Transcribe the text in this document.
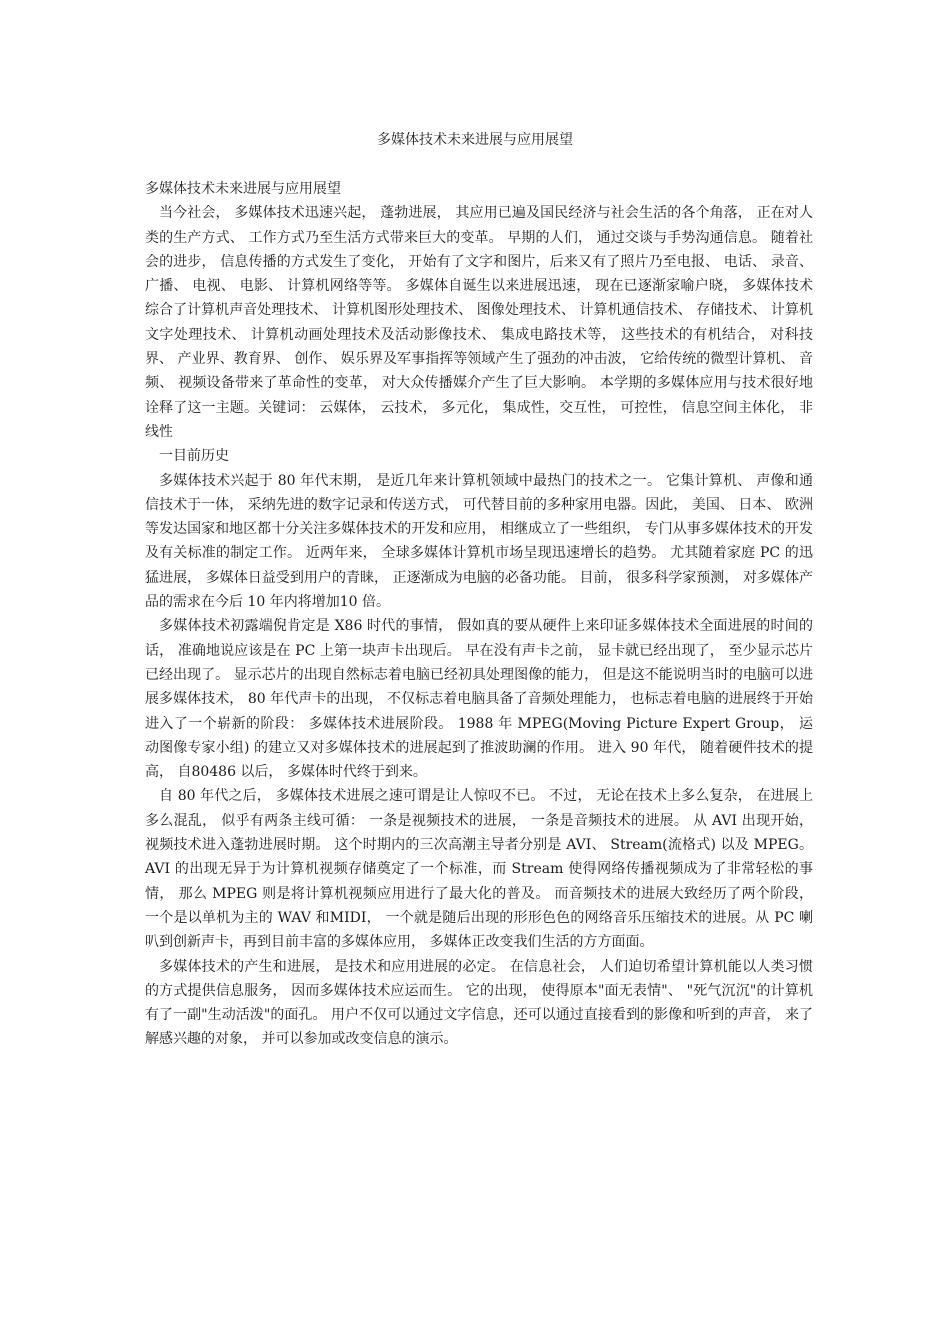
多媒体技术未来进展与应用展望

多媒体技术未来进展与应用展望

当今社会， 多媒体技术迅速兴起， 蓬勃进展， 其应用已遍及国民经济与社会生活的各个角落， 正在对人类的生产方式、 工作方式乃至生活方式带来巨大的变革。 早期的人们， 通过交谈与手势沟通信息。 随着社会的进步， 信息传播的方式发生了变化， 开始有了文字和图片，后来又有了照片乃至电报、 电话、 录音、 广播、 电视、 电影、 计算机网络等等。 多媒体自诞生以来进展迅速， 现在已逐渐家喻户晓， 多媒体技术综合了计算机声音处理技术、 计算机图形处理技术、 图像处理技术、 计算机通信技术、 存储技术、 计算机文字处理技术、 计算机动画处理技术及活动影像技术、 集成电路技术等， 这些技术的有机结合， 对科技界、 产业界、教育界、 创作、 娱乐界及军事指挥等领域产生了强劲的冲击波， 它给传统的微型计算机、 音频、 视频设备带来了革命性的变革， 对大众传播媒介产生了巨大影响。 本学期的多媒体应用与技术很好地诠释了这一主题。关键词： 云媒体， 云技术， 多元化， 集成性，交互性， 可控性， 信息空间主体化， 非线性

一目前历史

多媒体技术兴起于 80 年代末期， 是近几年来计算机领域中最热门的技术之一。 它集计算机、 声像和通信技术于一体， 采纳先进的数字记录和传送方式， 可代替目前的多种家用电器。因此， 美国、 日本、 欧洲等发达国家和地区都十分关注多媒体技术的开发和应用， 相继成立了一些组织， 专门从事多媒体技术的开发及有关标准的制定工作。 近两年来， 全球多媒体计算机市场呈现迅速增长的趋势。 尤其随着家庭 PC 的迅猛进展， 多媒体日益受到用户的青睐， 正逐渐成为电脑的必备功能。 目前， 很多科学家预测， 对多媒体产品的需求在今后 10 年内将增加10 倍。

多媒体技术初露端倪肯定是 X86 时代的事情， 假如真的要从硬件上来印证多媒体技术全面进展的时间的话， 准确地说应该是在 PC 上第一块声卡出现后。 早在没有声卡之前， 显卡就已经出现了， 至少显示芯片已经出现了。 显示芯片的出现自然标志着电脑已经初具处理图像的能力， 但是这不能说明当时的电脑可以进展多媒体技术， 80 年代声卡的出现， 不仅标志着电脑具备了音频处理能力， 也标志着电脑的进展终于开始进入了一个崭新的阶段： 多媒体技术进展阶段。 1988 年 MPEG(Moving Picture Expert Group， 运动图像专家小组) 的建立又对多媒体技术的进展起到了推波助澜的作用。 进入 90 年代， 随着硬件技术的提高， 自80486 以后， 多媒体时代终于到来。

自 80 年代之后， 多媒体技术进展之速可谓是让人惊叹不已。 不过， 无论在技术上多么复杂， 在进展上多么混乱， 似乎有两条主线可循： 一条是视频技术的进展， 一条是音频技术的进展。 从 AVI 出现开始， 视频技术进入蓬勃进展时期。 这个时期内的三次高潮主导者分别是 AVI、 Stream(流格式) 以及 MPEG。 AVI 的出现无异于为计算机视频存储奠定了一个标准，而 Stream 使得网络传播视频成为了非常轻松的事情， 那么 MPEG 则是将计算机视频应用进行了最大化的普及。 而音频技术的进展大致经历了两个阶段， 一个是以单机为主的 WAV 和MIDI， 一个就是随后出现的形形色色的网络音乐压缩技术的进展。从 PC 喇叭到创新声卡，再到目前丰富的多媒体应用， 多媒体正改变我们生活的方方面面。

多媒体技术的产生和进展， 是技术和应用进展的必定。 在信息社会， 人们迫切希望计算机能以人类习惯的方式提供信息服务， 因而多媒体技术应运而生。 它的出现， 使得原本"面无表情"、 "死气沉沉"的计算机有了一副"生动活泼"的面孔。 用户不仅可以通过文字信息，还可以通过直接看到的影像和听到的声音， 来了解感兴趣的对象， 并可以参加或改变信息的演示。
